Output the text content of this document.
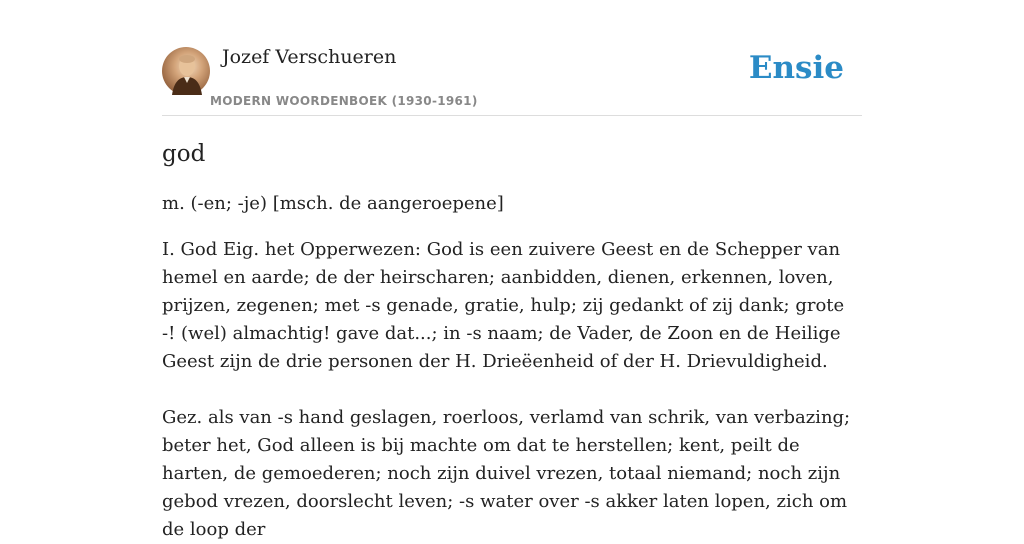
Jozef Verschueren
MODERN WOORDENBOEK (1930-1961)
Ensie
god

m. (-en; -je) [msch. de aangeroepene]

I. God Eig. het Opperwezen: God is een zuivere Geest en de Schepper van hemel en aarde; de der heirscharen; aanbidden, dienen, erkennen, loven, prijzen, zegenen; met -s genade, gratie, hulp; zij gedankt of zij dank; grote -! (wel) almachtig! gave dat...; in -s naam; de Vader, de Zoon en de Heilige Geest zijn de drie personen der H. Drieëenheid of der H. Drievuldigheid.

Gez. als van -s hand geslagen, roerloos, verlamd van schrik, van verbazing; beter het, God alleen is bij machte om dat te herstellen; kent, peilt de harten, de gemoederen; noch zijn duivel vrezen, totaal niemand; noch zijn gebod vrezen, doorslecht leven; -s water over -s akker laten lopen, zich om de loop der
